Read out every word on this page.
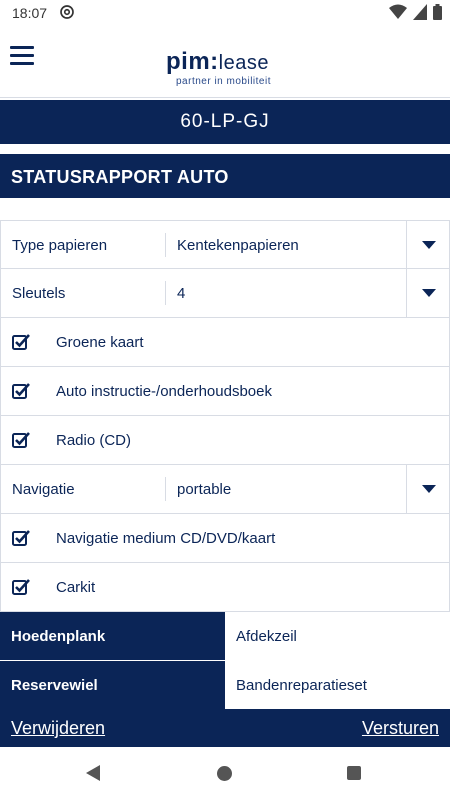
18:07
pim:lease
partner in mobiliteit
60-LP-GJ
STATUSRAPPORT AUTO
Type papieren	Kentekenpapieren
Sleutels	4
Groene kaart
Auto instructie-/onderhoudsboek
Radio (CD)
Navigatie	portable
Navigatie medium CD/DVD/kaart
Carkit
Hoedenplank	Afdekzeil
Reservewiel	Bandenreparatieset
Verwijderen	Versturen
